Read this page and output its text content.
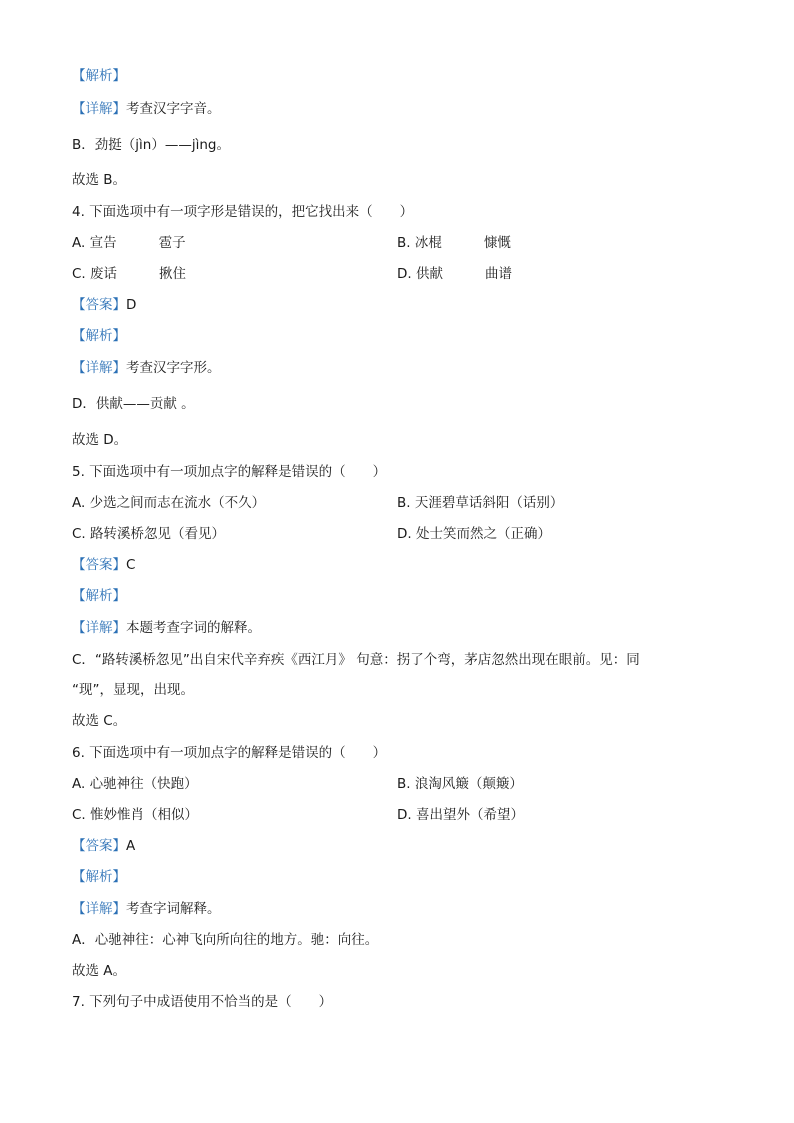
【解析】
【详解】考查汉字字音。
B．劲挺（jìn）——jìng。
故选 B。
4. 下面选项中有一项字形是错误的，把它找出来（　　）
A. 宣告	雹子	B. 冰棍	慷慨
C. 废话	揪住	D. 供献	曲谱
【答案】D
【解析】
【详解】考查汉字字形。
D．供献——贡献 。
故选 D。
5. 下面选项中有一项加点字的解释是错误的（　　）
A. 少选之间而志在流水（不久）	B. 天涯碧草话斜阳（话别）
C. 路转溪桥忽见（看见）	D. 处士笑而然之（正确）
【答案】C
【解析】
【详解】本题考查字词的解释。
C．“路转溪桥忽见”出自宋代辛弃疾《西江月》 句意：拐了个弯，茅店忽然出现在眼前。见：同
“现”，显现，出现。
故选 C。
6. 下面选项中有一项加点字的解释是错误的（　　）
A. 心驰神往（快跑）	B. 浪淘风簸（颠簸）
C. 惟妙惟肖（相似）	D. 喜出望外（希望）
【答案】A
【解析】
【详解】考查字词解释。
A．心驰神往：心神飞向所向往的地方。驰：向往。
故选 A。
7. 下列句子中成语使用不恰当的是（　　）
